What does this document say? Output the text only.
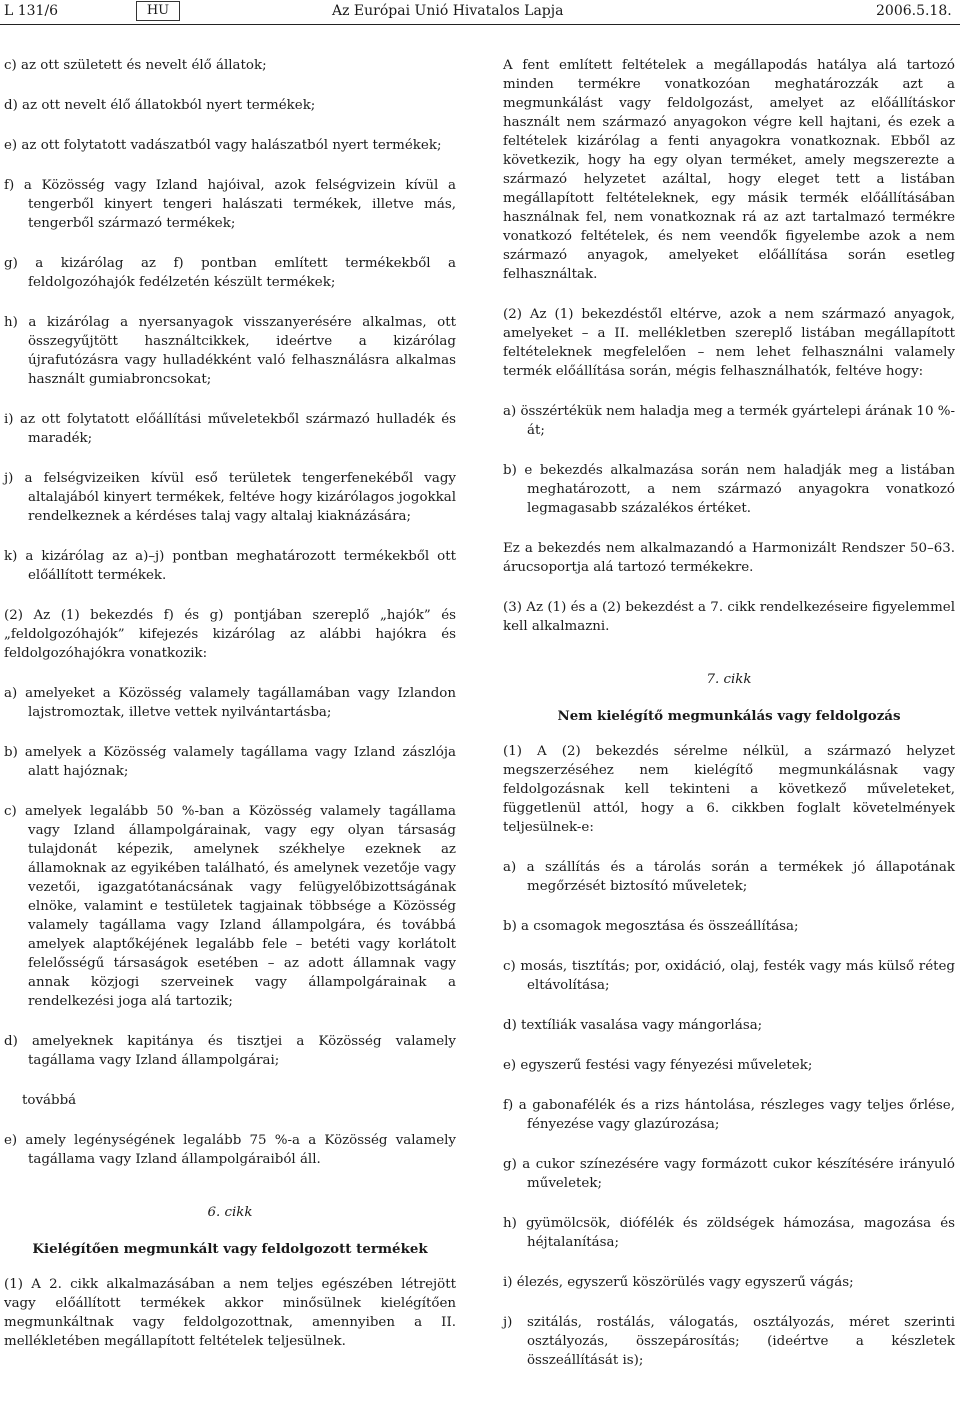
L 131/6	HU	Az Európai Unió Hivatalos Lapja	2006.5.18.

c) az ott született és nevelt élő állatok;

d) az ott nevelt élő állatokból nyert termékek;

e) az ott folytatott vadászatból vagy halászatból nyert termékek;

f) a Közösség vagy Izland hajóival, azok felségvizein kívül a tengerből kinyert tengeri halászati termékek, illetve más, tengerből származó termékek;

g) a kizárólag az f) pontban említett termékekből a feldolgozóhajók fedélzetén készült termékek;

h) a kizárólag a nyersanyagok visszanyerésére alkalmas, ott összegyűjtött használtcikkek, ideértve a kizárólag újrafutózásra vagy hulladékként való felhasználásra alkalmas használt gumiabroncsokat;

i) az ott folytatott előállítási műveletekből származó hulladék és maradék;

j) a felségvizeiken kívül eső területek tengerfenekéből vagy altalajából kinyert termékek, feltéve hogy kizárólagos jogokkal rendelkeznek a kérdéses talaj vagy altalaj kiaknázására;

k) a kizárólag az a)–j) pontban meghatározott termékekből ott előállított termékek.

(2) Az (1) bekezdés f) és g) pontjában szereplő „hajók” és „feldolgozóhajók” kifejezés kizárólag az alábbi hajókra és feldolgozóhajókra vonatkozik:

a) amelyeket a Közösség valamely tagállamában vagy Izlandon lajstromoztak, illetve vettek nyilvántartásba;

b) amelyek a Közösség valamely tagállama vagy Izland zászlója alatt hajóznak;

c) amelyek legalább 50 %-ban a Közösség valamely tagállama vagy Izland állampolgárainak, vagy egy olyan társaság tulajdonát képezik, amelynek székhelye ezeknek az államoknak az egyikében található, és amelynek vezetője vagy vezetői, igazgatótanácsának vagy felügyelőbizottságának elnöke, valamint e testületek tagjainak többsége a Közösség valamely tagállama vagy Izland állampolgára, és továbbá amelyek alaptőkéjének legalább fele – betéti vagy korlátolt felelősségű társaságok esetében – az adott államnak vagy annak közjogi szerveinek vagy állampolgárainak a rendelkezési joga alá tartozik;

d) amelyeknek kapitánya és tisztjei a Közösség valamely tagállama vagy Izland állampolgárai;

továbbá

e) amely legénységének legalább 75 %-a a Közösség valamely tagállama vagy Izland állampolgáraiból áll.

6. cikk

Kielégítően megmunkált vagy feldolgozott termékek

(1) A 2. cikk alkalmazásában a nem teljes egészében létrejött vagy előállított termékek akkor minősülnek kielégítően megmunkáltnak vagy feldolgozottnak, amennyiben a II. mellékletében megállapított feltételek teljesülnek.

A fent említett feltételek a megállapodás hatálya alá tartozó minden termékre vonatkozóan meghatározzák azt a megmunkálást vagy feldolgozást, amelyet az előállításkor használt nem származó anyagokon végre kell hajtani, és ezek a feltételek kizárólag a fenti anyagokra vonatkoznak. Ebből az következik, hogy ha egy olyan terméket, amely megszerezte a származó helyzetet azáltal, hogy eleget tett a listában megállapított feltételeknek, egy másik termék előállításában használnak fel, nem vonatkoznak rá az azt tartalmazó termékre vonatkozó feltételek, és nem veendők figyelembe azok a nem származó anyagok, amelyeket előállítása során esetleg felhasználtak.

(2) Az (1) bekezdéstől eltérve, azok a nem származó anyagok, amelyeket – a II. mellékletben szereplő listában megállapított feltételeknek megfelelően – nem lehet felhasználni valamely termék előállítása során, mégis felhasználhatók, feltéve hogy:

a) összértékük nem haladja meg a termék gyártelepi árának 10 %-át;

b) e bekezdés alkalmazása során nem haladják meg a listában meghatározott, a nem származó anyagokra vonatkozó legmagasabb százalékos értéket.

Ez a bekezdés nem alkalmazandó a Harmonizált Rendszer 50–63. árucsoportja alá tartozó termékekre.

(3) Az (1) és a (2) bekezdést a 7. cikk rendelkezéseire figyelemmel kell alkalmazni.

7. cikk

Nem kielégítő megmunkálás vagy feldolgozás

(1) A (2) bekezdés sérelme nélkül, a származó helyzet megszerzéséhez nem kielégítő megmunkálásnak vagy feldolgozásnak kell tekinteni a következő műveleteket, függetlenül attól, hogy a 6. cikkben foglalt követelmények teljesülnek-e:

a) a szállítás és a tárolás során a termékek jó állapotának megőrzését biztosító műveletek;

b) a csomagok megosztása és összeállítása;

c) mosás, tisztítás; por, oxidáció, olaj, festék vagy más külső réteg eltávolítása;

d) textíliák vasalása vagy mángorlása;

e) egyszerű festési vagy fényezési műveletek;

f) a gabonafélék és a rizs hántolása, részleges vagy teljes őrlése, fényezése vagy glazúrozása;

g) a cukor színezésére vagy formázott cukor készítésére irányuló műveletek;

h) gyümölcsök, diófélék és zöldségek hámozása, magozása és héjtalanítása;

i) élezés, egyszerű köszörülés vagy egyszerű vágás;

j) szitálás, rostálás, válogatás, osztályozás, méret szerinti osztályozás, összepárosítás; (ideértve a készletek összeállítását is);
